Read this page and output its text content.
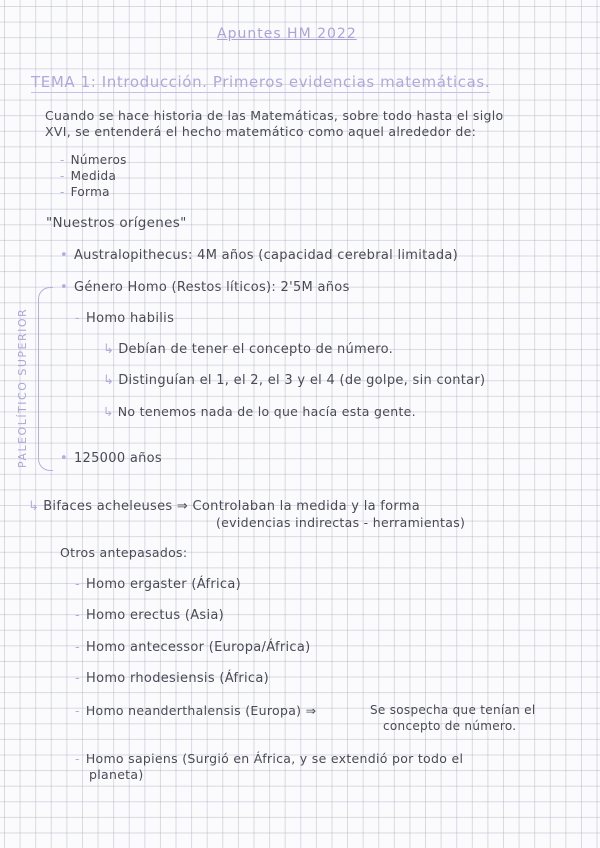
Apuntes HM 2022
TEMA 1: Introducción. Primeros evidencias matemáticas.
Cuando se hace historia de las Matemáticas, sobre todo hasta el siglo
XVI, se entenderá el hecho matemático como aquel alrededor de:
- Números
- Medida
- Forma
"Nuestros orígenes"
• Australopithecus: 4M años (capacidad cerebral limitada)
PALEOLÍTICO SUPERIOR
• Género Homo (Restos líticos): 2'5M años
- Homo habilis
↳ Debían de tener el concepto de número.
↳ Distinguían el 1, el 2, el 3 y el 4 (de golpe, sin contar)
↳ No tenemos nada de lo que hacía esta gente.
• 125000 años
↳ Bifaces acheleuses ⇒ Controlaban la medida y la forma
(evidencias indirectas - herramientas)
Otros antepasados:
- Homo ergaster (África)
- Homo erectus (Asia)
- Homo antecessor (Europa/África)
- Homo rhodesiensis (África)
- Homo neanderthalensis (Europa) ⇒	Se sospecha que tenían el
concepto de número.
- Homo sapiens (Surgió en África, y se extendió por todo el
planeta)
